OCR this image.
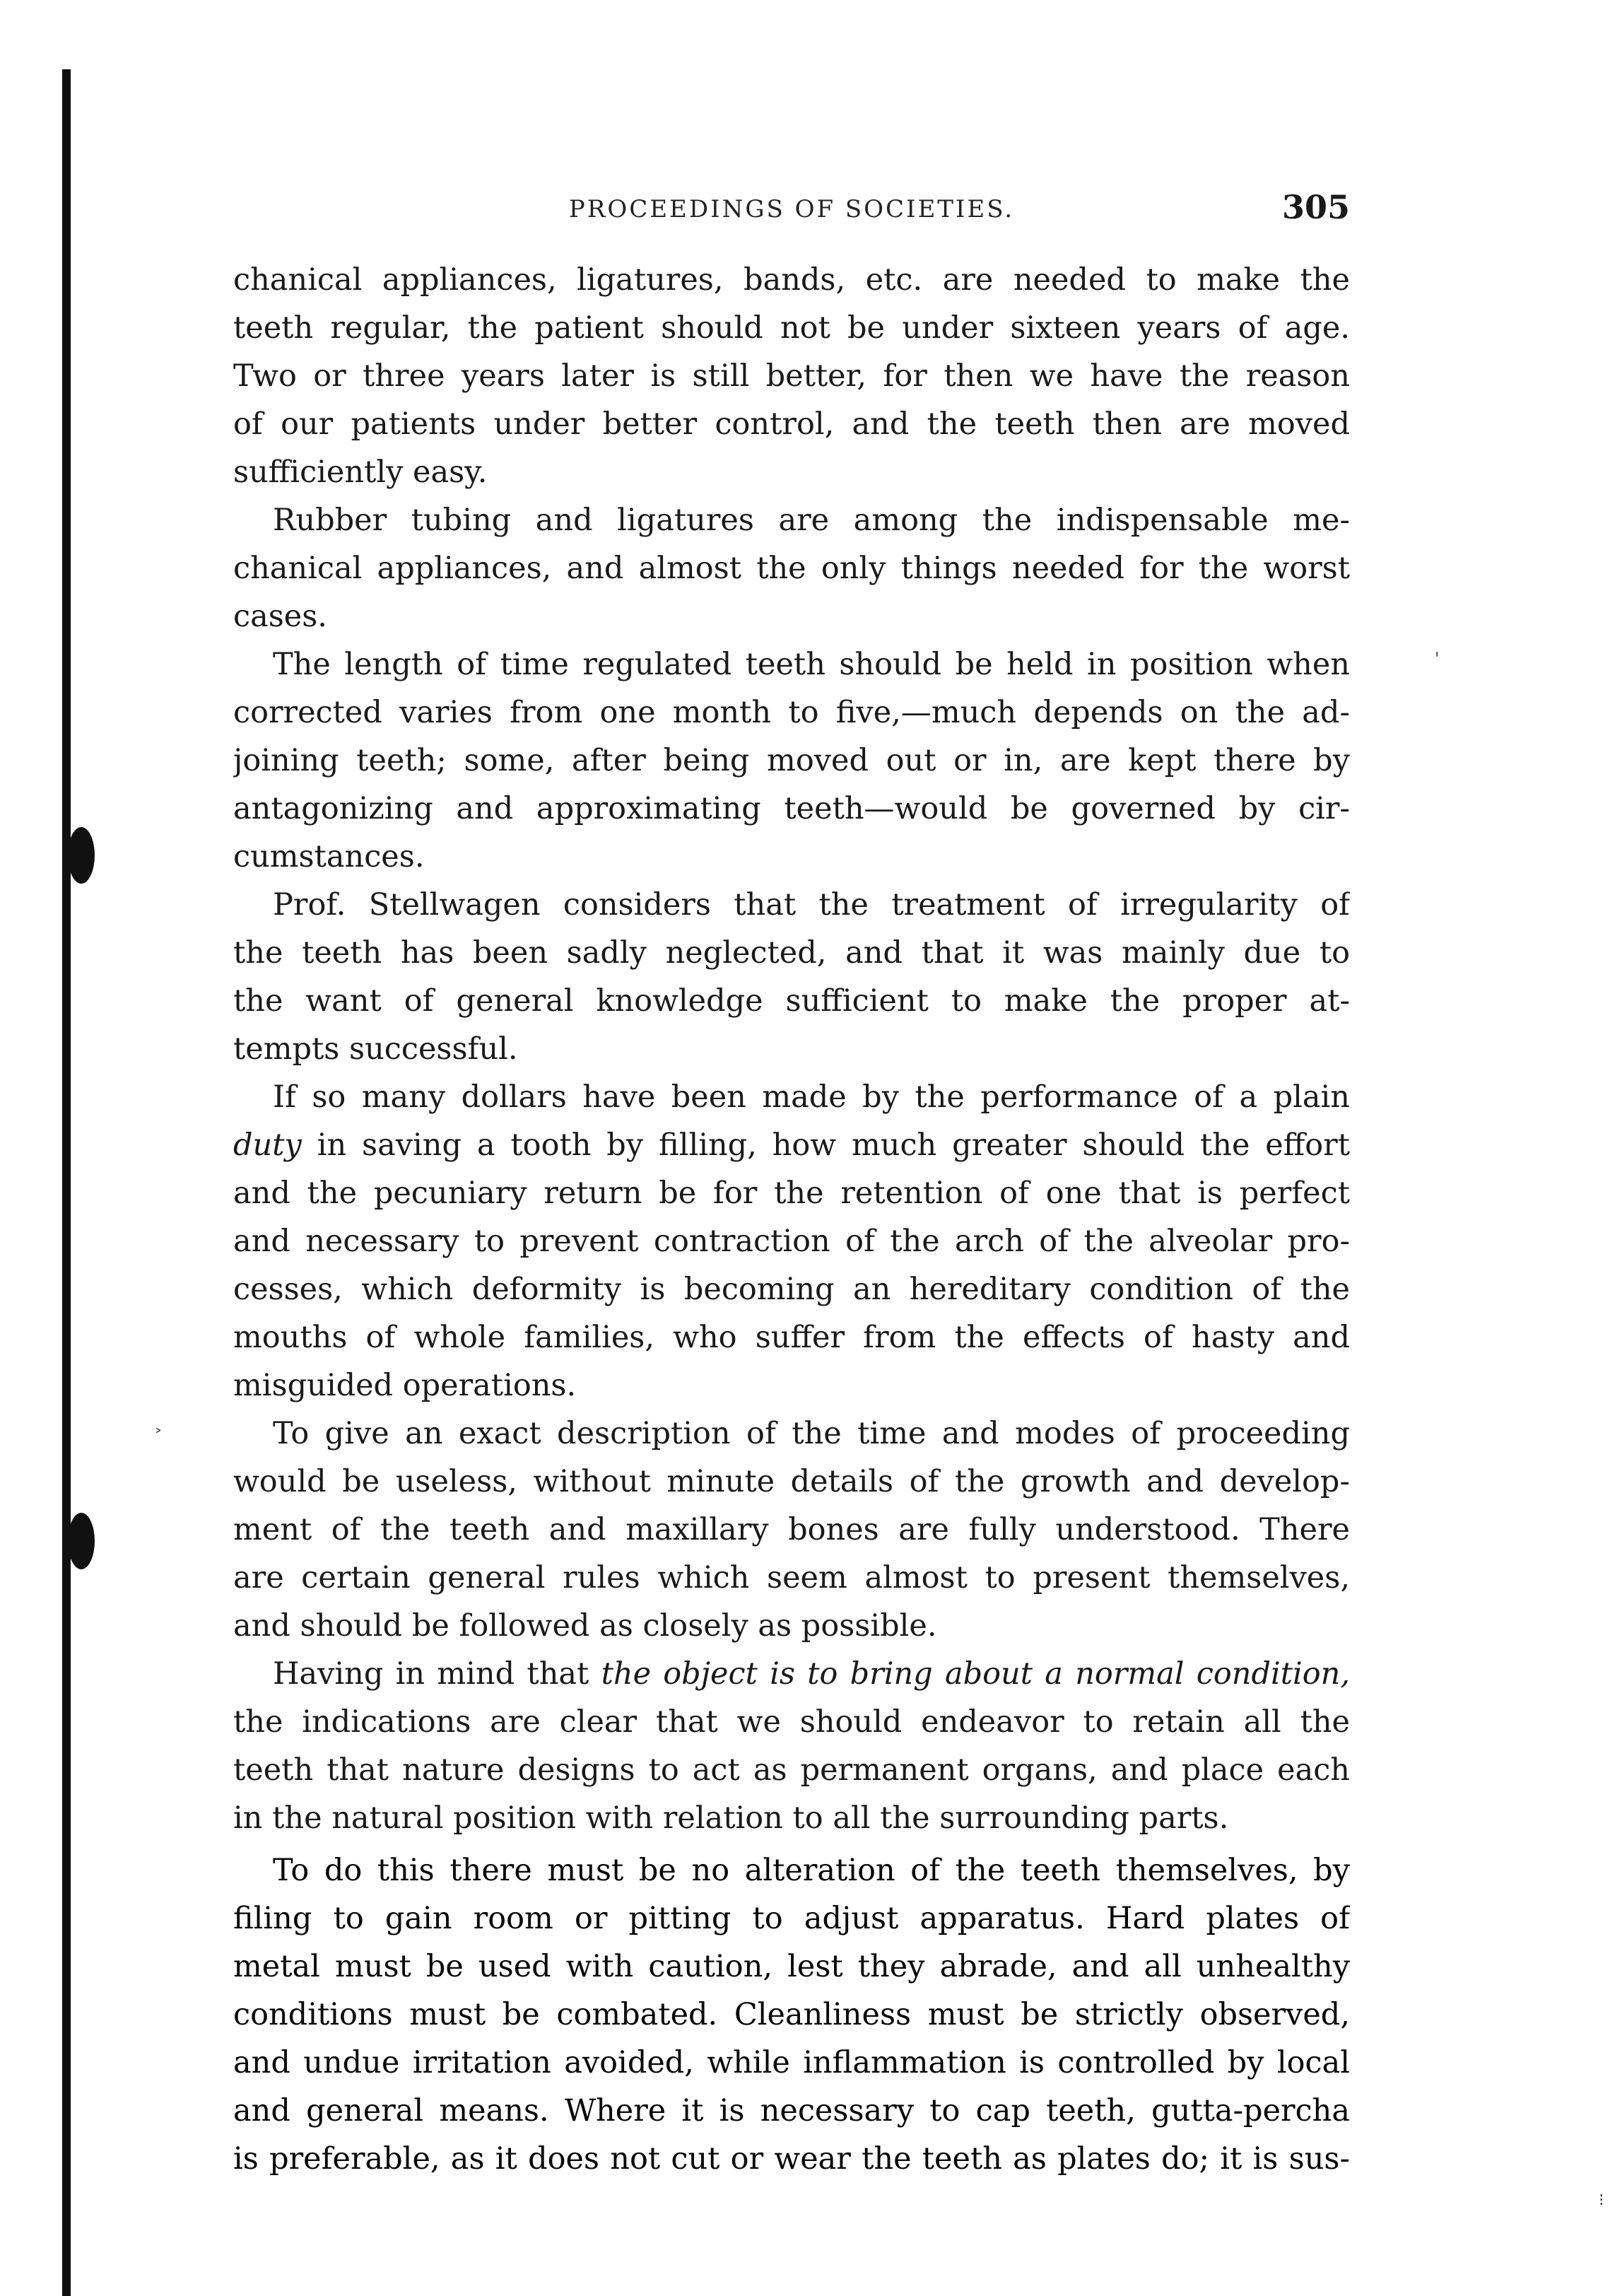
'
˃
⁝
PROCEEDINGS OF SOCIETIES.	305
chanical appliances, ligatures, bands, etc. are needed to make the
teeth regular, the patient should not be under sixteen years of age.
Two or three years later is still better, for then we have the reason
of our patients under better control, and the teeth then are moved
sufficiently easy.
Rubber tubing and ligatures are among the indispensable me-
chanical appliances, and almost the only things needed for the worst
cases.
The length of time regulated teeth should be held in position when
corrected varies from one month to five,—much depends on the ad-
joining teeth; some, after being moved out or in, are kept there by
antagonizing and approximating teeth—would be governed by cir-
cumstances.
Prof. Stellwagen considers that the treatment of irregularity of
the teeth has been sadly neglected, and that it was mainly due to
the want of general knowledge sufficient to make the proper at-
tempts successful.
If so many dollars have been made by the performance of a plain
duty in saving a tooth by filling, how much greater should the effort
and the pecuniary return be for the retention of one that is perfect
and necessary to prevent contraction of the arch of the alveolar pro-
cesses, which deformity is becoming an hereditary condition of the
mouths of whole families, who suffer from the effects of hasty and
misguided operations.
To give an exact description of the time and modes of proceeding
would be useless, without minute details of the growth and develop-
ment of the teeth and maxillary bones are fully understood. There
are certain general rules which seem almost to present themselves,
and should be followed as closely as possible.
Having in mind that the object is to bring about a normal condition,
the indications are clear that we should endeavor to retain all the
teeth that nature designs to act as permanent organs, and place each
in the natural position with relation to all the surrounding parts.
To do this there must be no alteration of the teeth themselves, by
filing to gain room or pitting to adjust apparatus. Hard plates of
metal must be used with caution, lest they abrade, and all unhealthy
conditions must be combated. Cleanliness must be strictly observed,
and undue irritation avoided, while inflammation is controlled by local
and general means. Where it is necessary to cap teeth, gutta-percha
is preferable, as it does not cut or wear the teeth as plates do; it is sus-
